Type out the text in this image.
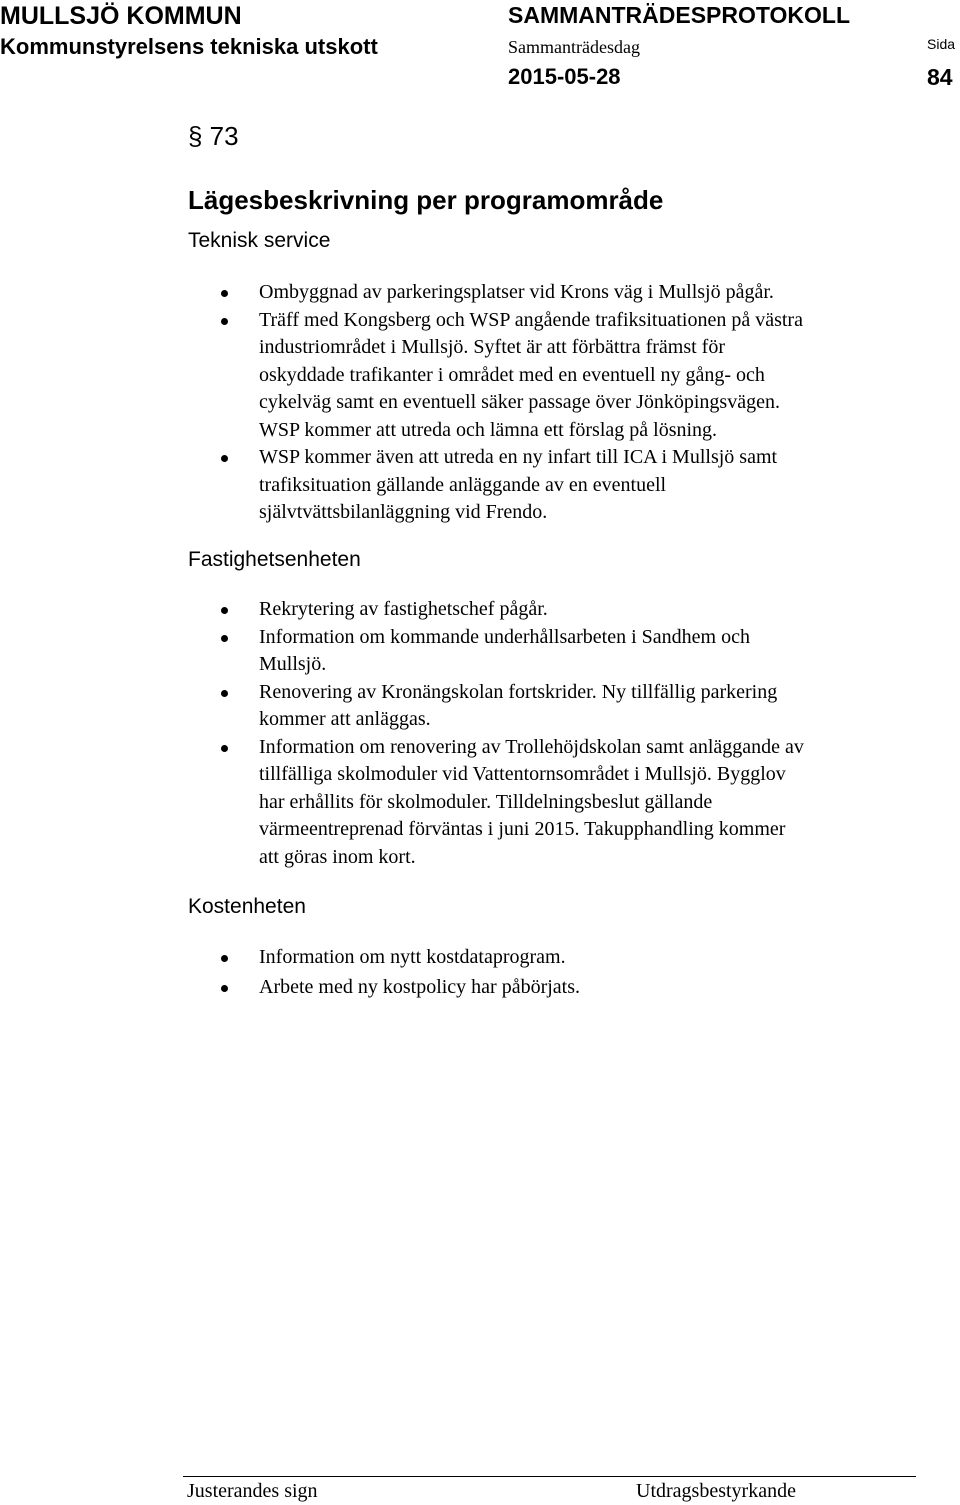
MULLSJÖ KOMMUN
Kommunstyrelsens tekniska utskott
SAMMANTRÄDESPROTOKOLL
Sammanträdesdag
2015-05-28
Sida
84
§ 73
Lägesbeskrivning per programområde
Teknisk service
Ombyggnad av parkeringsplatser vid Krons väg i Mullsjö pågår.
Träff med Kongsberg och WSP angående trafiksituationen på västra
industriområdet i Mullsjö. Syftet är att förbättra främst för
oskyddade trafikanter i området med en eventuell ny gång- och
cykelväg samt en eventuell säker passage över Jönköpingsvägen.
WSP kommer att utreda och lämna ett förslag på lösning.
WSP kommer även att utreda en ny infart till ICA i Mullsjö samt
trafiksituation gällande anläggande av en eventuell
självtvättsbilanläggning vid Frendo.
Fastighetsenheten
Rekrytering av fastighetschef pågår.
Information om kommande underhållsarbeten i Sandhem och
Mullsjö.
Renovering av Kronängskolan fortskrider. Ny tillfällig parkering
kommer att anläggas.
Information om renovering av Trollehöjdskolan samt anläggande av
tillfälliga skolmoduler vid Vattentornsområdet i Mullsjö. Bygglov
har erhållits för skolmoduler. Tilldelningsbeslut gällande
värmeentreprenad förväntas i juni 2015. Takupphandling kommer
att göras inom kort.
Kostenheten
Information om nytt kostdataprogram.
Arbete med ny kostpolicy har påbörjats.
Justerandes sign	Utdragsbestyrkande
